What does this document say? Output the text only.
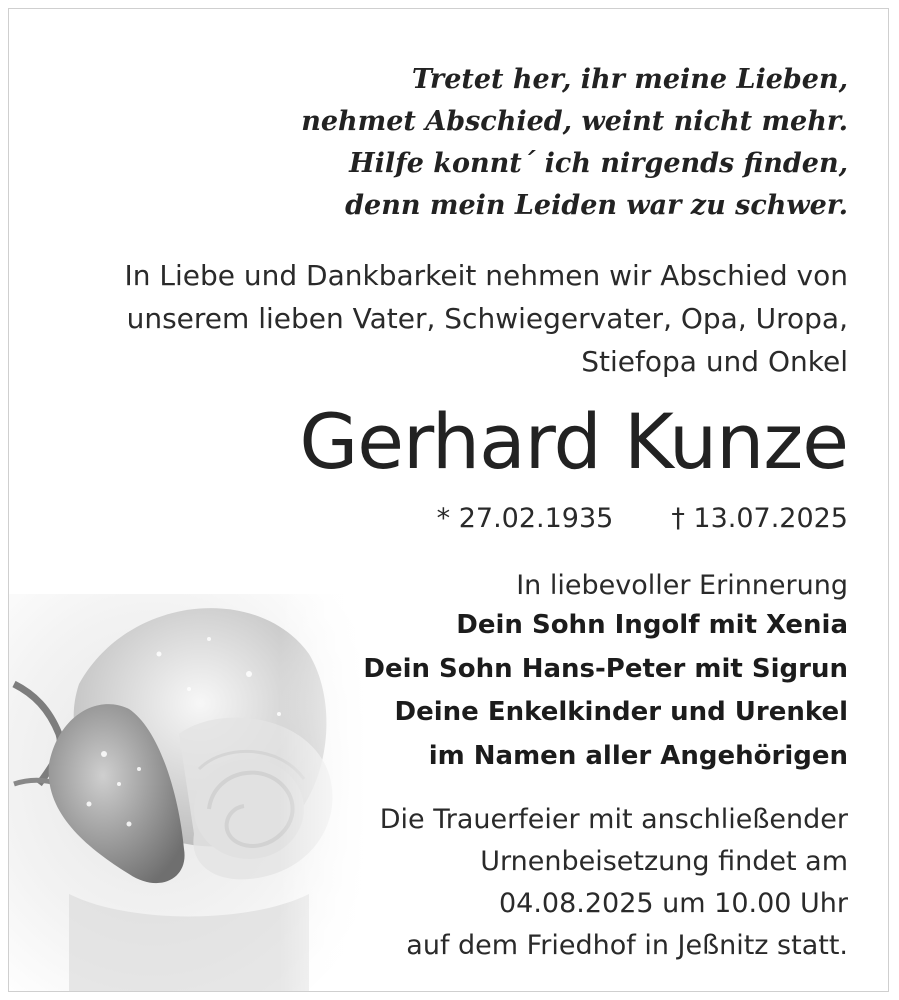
Tretet her, ihr meine Lieben,
nehmet Abschied, weint nicht mehr.
Hilfe konnt´ ich nirgends finden,
denn mein Leiden war zu schwer.
In Liebe und Dankbarkeit nehmen wir Abschied von
unserem lieben Vater, Schwiegervater, Opa, Uropa,
Stiefopa und Onkel
Gerhard Kunze
* 27.02.1935 † 13.07.2025
In liebevoller Erinnerung
Dein Sohn Ingolf mit Xenia
Dein Sohn Hans-Peter mit Sigrun
Deine Enkelkinder und Urenkel
im Namen aller Angehörigen
Die Trauerfeier mit anschließender
Urnenbeisetzung findet am
04.08.2025 um 10.00 Uhr
auf dem Friedhof in Jeßnitz statt.
